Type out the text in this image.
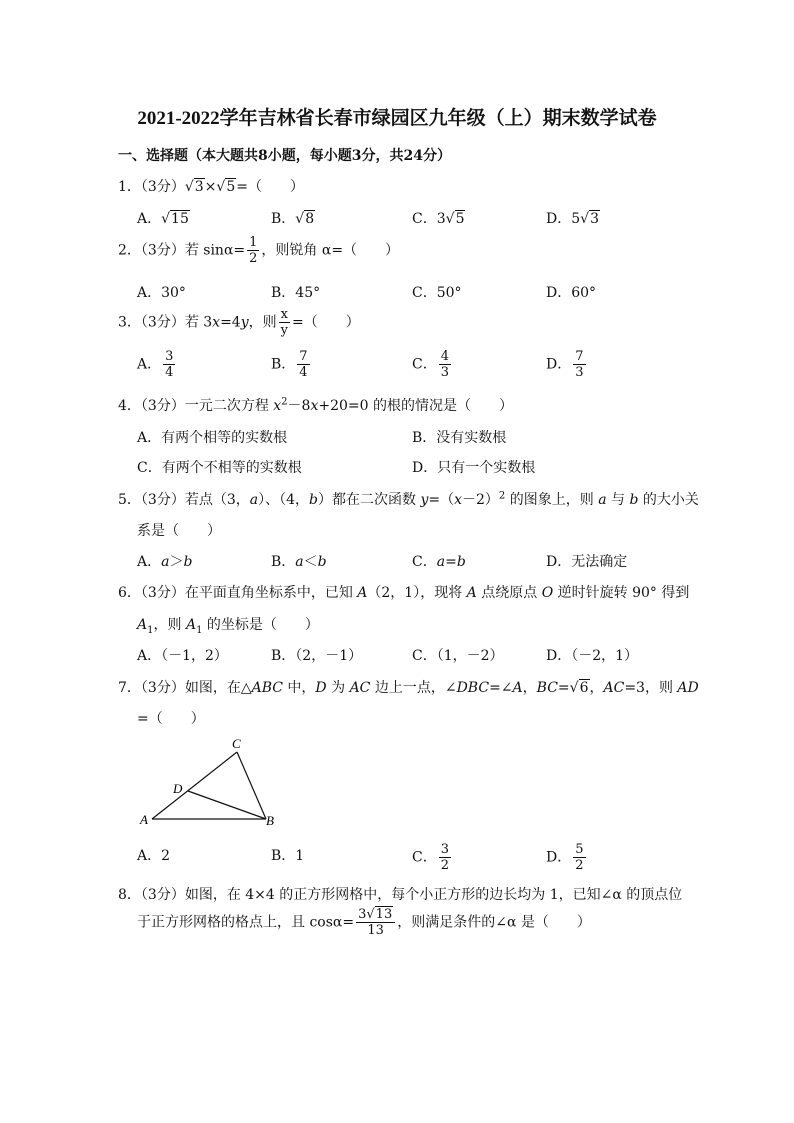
2021-2022学年吉林省长春市绿园区九年级（上）期末数学试卷
一、选择题（本大题共8小题，每小题3分，共24分）
1．（3分）√3×√5=（　　）
A．√15	B．√8	C．3√5	D．5√3
2．（3分）若 $\sin\alpha= \frac{1}{2}$ ，则锐角 α=（　　）
A．30°	B．45°	C．50°	D．60°
3．（3分）若 3x=4y，则 $\frac{x}{y}$ =（　　）
A． $\frac{3}{4}$	B． $\frac{7}{4}$	C． $\frac{4}{3}$	D． $\frac{7}{3}$
4．（3分）一元二次方程 $x^2-8x+20=0$ 的根的情况是（　　）
A．有两个相等的实数根	B．没有实数根
C．有两个不相等的实数根	D．只有一个实数根
5．（3分）若点（3，a）、（4，b）都在二次函数 $y=(x-2)^2$ 的图象上，则 a 与 b 的大小关
系是（　　）
A．a＞b	B．a＜b	C．a=b	D．无法确定
6．（3分）在平面直角坐标系中，已知 A（2，1），现将 A 点绕原点 O 逆时针旋转 90° 得到
$A_1$，则 $A_1$ 的坐标是（　　）
A．（－1，2）	B．（2，－1）	C．（1，－2）	D．（－2，1）
7．（3分）如图，在△ABC 中，D 为 AC 边上一点，∠DBC=∠A，BC=√6，AC=3，则 AD
=（　　）
C
D
A	B
A．2	B．1	C． $\frac{3}{2}$	D． $\frac{5}{2}$
8．（3分）如图，在 4×4 的正方形网格中，每个小正方形的边长均为 1，已知∠α 的顶点位
于正方形网格的格点上，且 $\cos\alpha= \frac{3√13}{13}$ ，则满足条件的∠α 是（　　）
